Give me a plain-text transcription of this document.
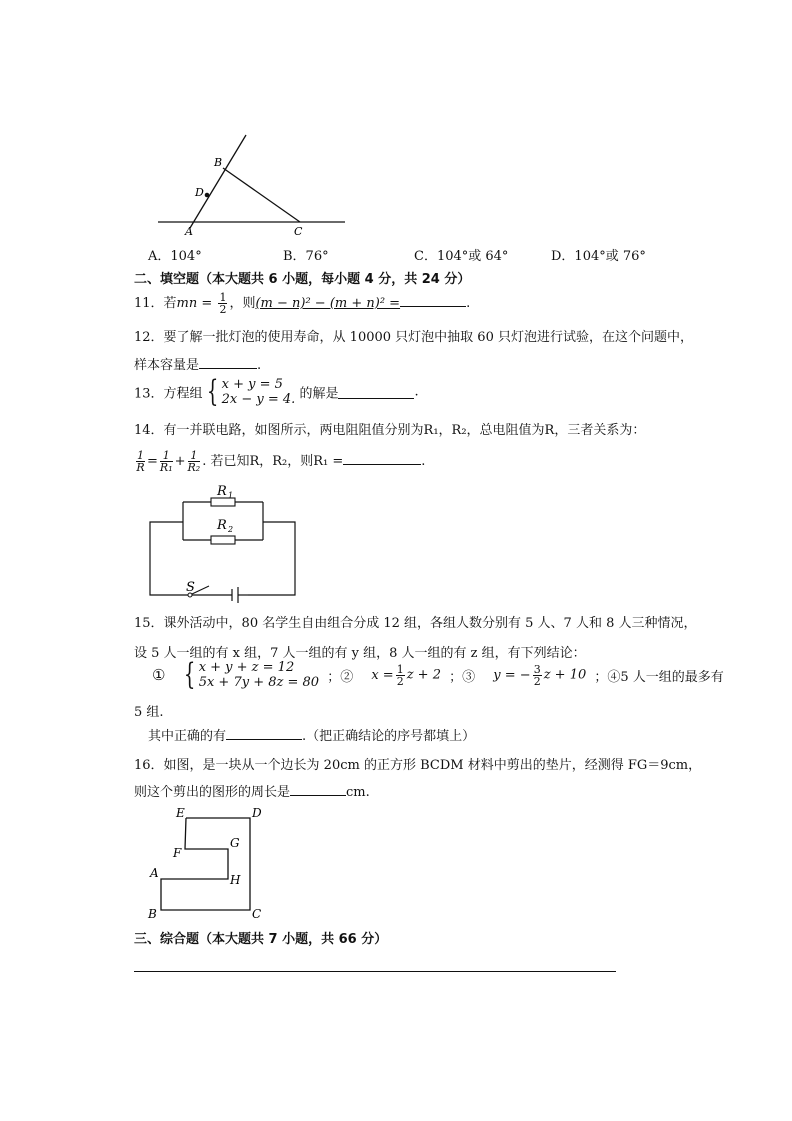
B
D
A	C
A．104°	B．76°	C．104°或 64°	D．104°或 76°
二、填空题（本大题共 6 小题，每小题 4 分，共 24 分）
11．若mn = $\frac{1}{2}$ ，则(m − n)² − (m + n)² =	.
12．要了解一批灯泡的使用寿命，从 10000 只灯泡中抽取 60 只灯泡进行试验，在这个问题中，
样本容量是	.
13．方程组 { x + y = 5
2x − y = 4. 的解是	.
14．有一并联电路，如图所示，两电阻阻值分别为R₁，R₂，总电阻值为R，三者关系为：
$\frac{1}{R} = \frac{1}{\text{R₁}} + \frac{1}{\text{R₂}}$ . 若已知R，R₂，则R₁ =	.
R 1
R 2
S
15．课外活动中，80 名学生自由组合分成 12 组，各组人数分别有 5 人、7 人和 8 人三种情况，
设 5 人一组的有 x 组，7 人一组的有 y 组，8 人一组的有 z 组，有下列结论：
① { x + y + z = 12
5x + 7y + 8z = 80 ；② $x = \frac{1}{2}$ z + 2 ；③ y = − $\frac{3}{2}$ z + 10 ；④5 人一组的最多有
5 组.
其中正确的有	.（把正确结论的序号都填上）
16．如图，是一块从一个边长为 20cm 的正方形 BCDM 材料中剪出的垫片，经测得 FG＝9cm，
则这个剪出的图形的周长是	cm.
E	D
F
G
A	H
B	C
三、综合题（本大题共 7 小题，共 66 分）
